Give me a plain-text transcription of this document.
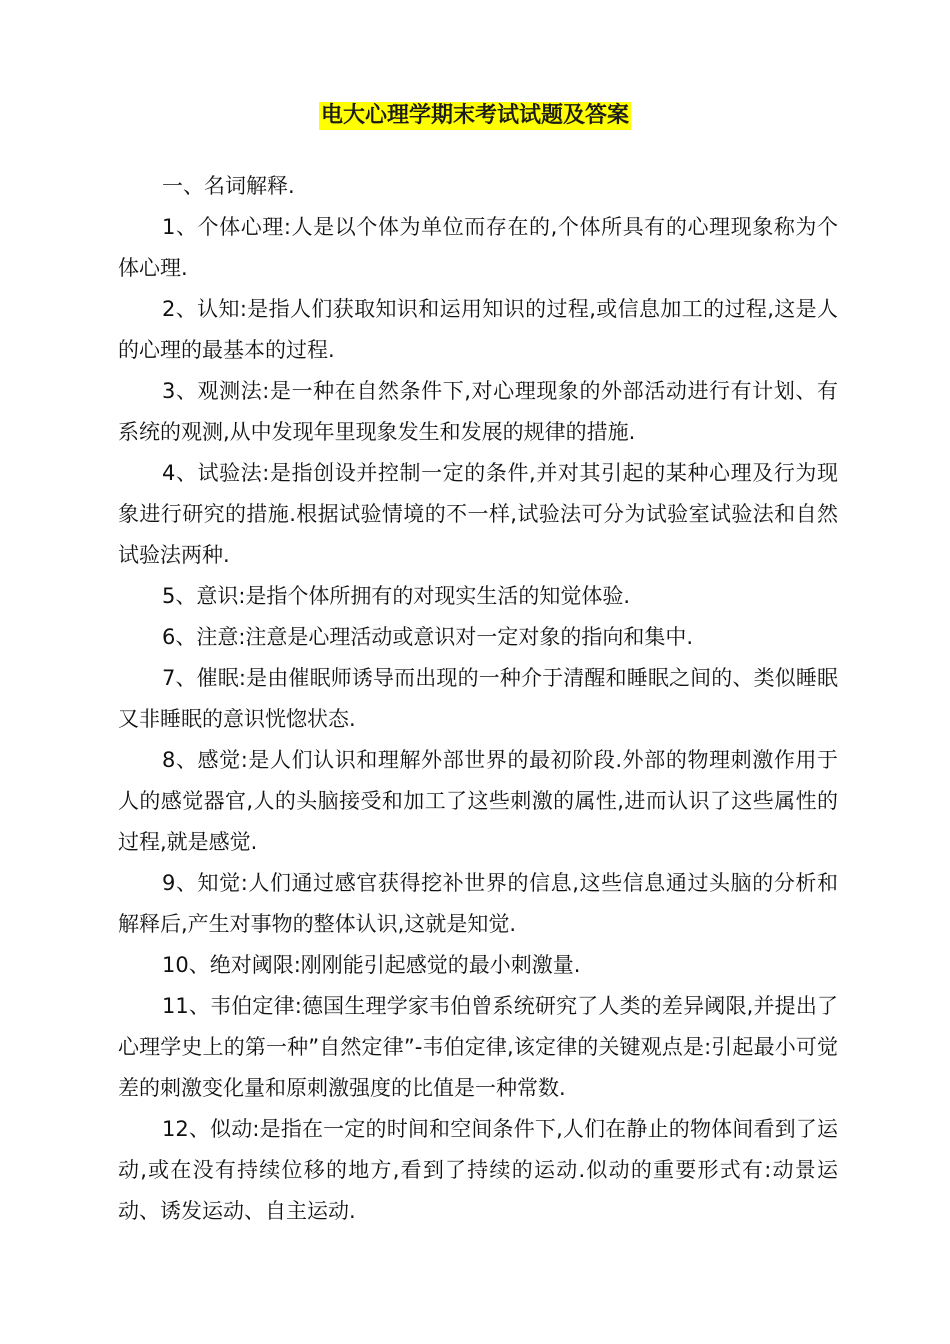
电大心理学期末考试试题及答案

一、名词解释.

1、个体心理:人是以个体为单位而存在的,个体所具有的心理现象称为个体心理.

2、认知:是指人们获取知识和运用知识的过程,或信息加工的过程,这是人的心理的最基本的过程.

3、观测法:是一种在自然条件下,对心理现象的外部活动进行有计划、有系统的观测,从中发现年里现象发生和发展的规律的措施.

4、试验法:是指创设并控制一定的条件,并对其引起的某种心理及行为现象进行研究的措施.根据试验情境的不一样,试验法可分为试验室试验法和自然试验法两种.

5、意识:是指个体所拥有的对现实生活的知觉体验.

6、注意:注意是心理活动或意识对一定对象的指向和集中.

7、催眠:是由催眠师诱导而出现的一种介于清醒和睡眠之间的、类似睡眠又非睡眠的意识恍惚状态.

8、感觉:是人们认识和理解外部世界的最初阶段.外部的物理刺激作用于人的感觉器官,人的头脑接受和加工了这些刺激的属性,进而认识了这些属性的过程,就是感觉.

9、知觉:人们通过感官获得挖补世界的信息,这些信息通过头脑的分析和解释后,产生对事物的整体认识,这就是知觉.

10、绝对阈限:刚刚能引起感觉的最小刺激量.

11、韦伯定律:德国生理学家韦伯曾系统研究了人类的差异阈限,并提出了心理学史上的第一种”自然定律”-韦伯定律,该定律的关键观点是:引起最小可觉差的刺激变化量和原刺激强度的比值是一种常数.

12、似动:是指在一定的时间和空间条件下,人们在静止的物体间看到了运动,或在没有持续位移的地方,看到了持续的运动.似动的重要形式有:动景运动、诱发运动、自主运动.
